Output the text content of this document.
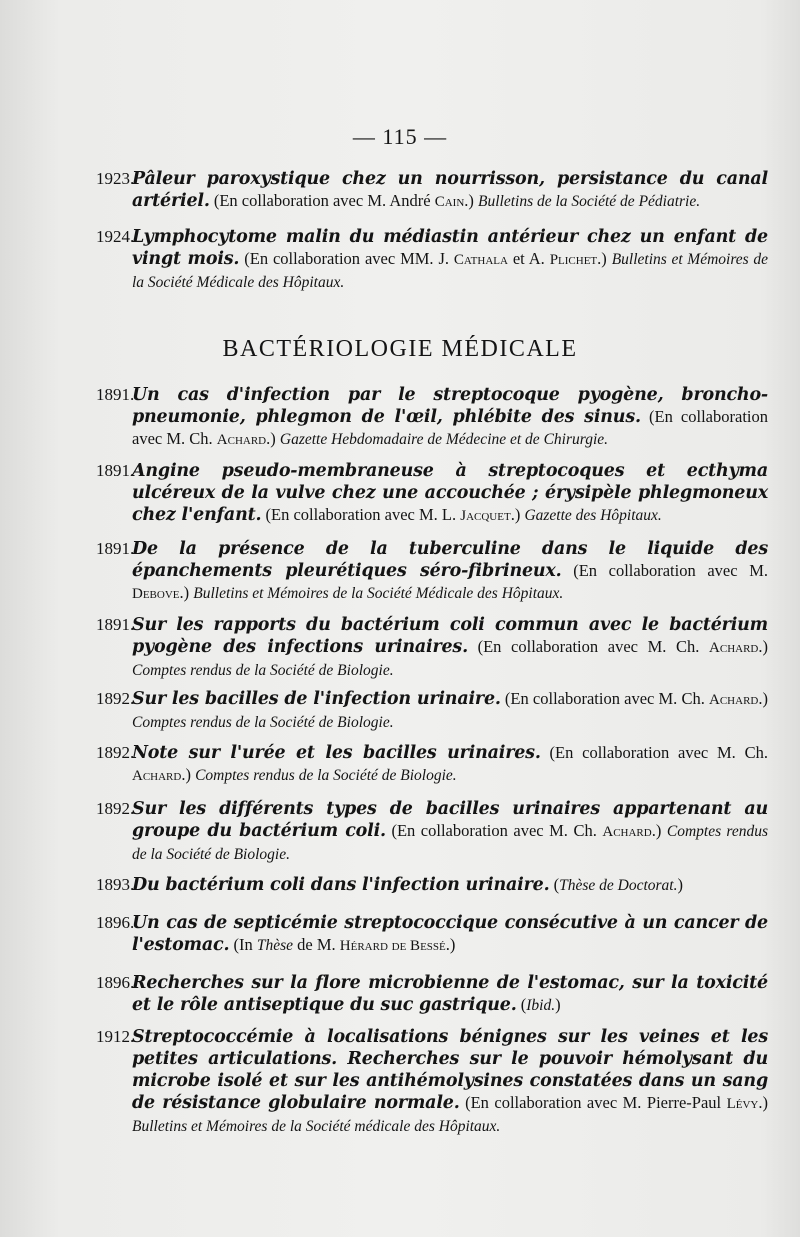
— 115 —
1923.
Pâleur paroxystique chez un nourrisson, persistance du canal artériel. (En collaboration avec M. André Cain.) Bulletins de la Société de Pédiatrie.
1924.
Lymphocytome malin du médiastin antérieur chez un enfant de vingt mois. (En collaboration avec MM. J. Cathala et A. Plichet.) Bulletins et Mémoires de la Société Médicale des Hôpitaux.
BACTÉRIOLOGIE MÉDICALE
1891.
Un cas d'infection par le streptocoque pyogène, broncho-pneumonie, phlegmon de l'œil, phlébite des sinus. (En collaboration avec M. Ch. Achard.) Gazette Hebdomadaire de Médecine et de Chirurgie.
1891.
Angine pseudo-membraneuse à streptocoques et ecthyma ulcéreux de la vulve chez une accouchée ; érysipèle phlegmoneux chez l'enfant. (En collaboration avec M. L. Jacquet.) Gazette des Hôpitaux.
1891.
De la présence de la tuberculine dans le liquide des épanchements pleurétiques séro-fibrineux. (En collaboration avec M. Debove.) Bulletins et Mémoires de la Société Médicale des Hôpitaux.
1891.
Sur les rapports du bactérium coli commun avec le bactérium pyogène des infections urinaires. (En collaboration avec M. Ch. Achard.) Comptes rendus de la Société de Biologie.
1892.
Sur les bacilles de l'infection urinaire. (En collaboration avec M. Ch. Achard.) Comptes rendus de la Société de Biologie.
1892.
Note sur l'urée et les bacilles urinaires. (En collaboration avec M. Ch. Achard.) Comptes rendus de la Société de Biologie.
1892.
Sur les différents types de bacilles urinaires appartenant au groupe du bactérium coli. (En collaboration avec M. Ch. Achard.) Comptes rendus de la Société de Biologie.
1893.
Du bactérium coli dans l'infection urinaire. (Thèse de Doctorat.)
1896.
Un cas de septicémie streptococcique consécutive à un cancer de l'estomac. (In Thèse de M. Hérard de Bessé.)
1896.
Recherches sur la flore microbienne de l'estomac, sur la toxicité et le rôle antiseptique du suc gastrique. (Ibid.)
1912.
Streptococcémie à localisations bénignes sur les veines et les petites articulations. Recherches sur le pouvoir hémolysant du microbe isolé et sur les antihémolysines constatées dans un sang de résistance globulaire normale. (En collaboration avec M. Pierre-Paul Lévy.) Bulletins et Mémoires de la Société médicale des Hôpitaux.
